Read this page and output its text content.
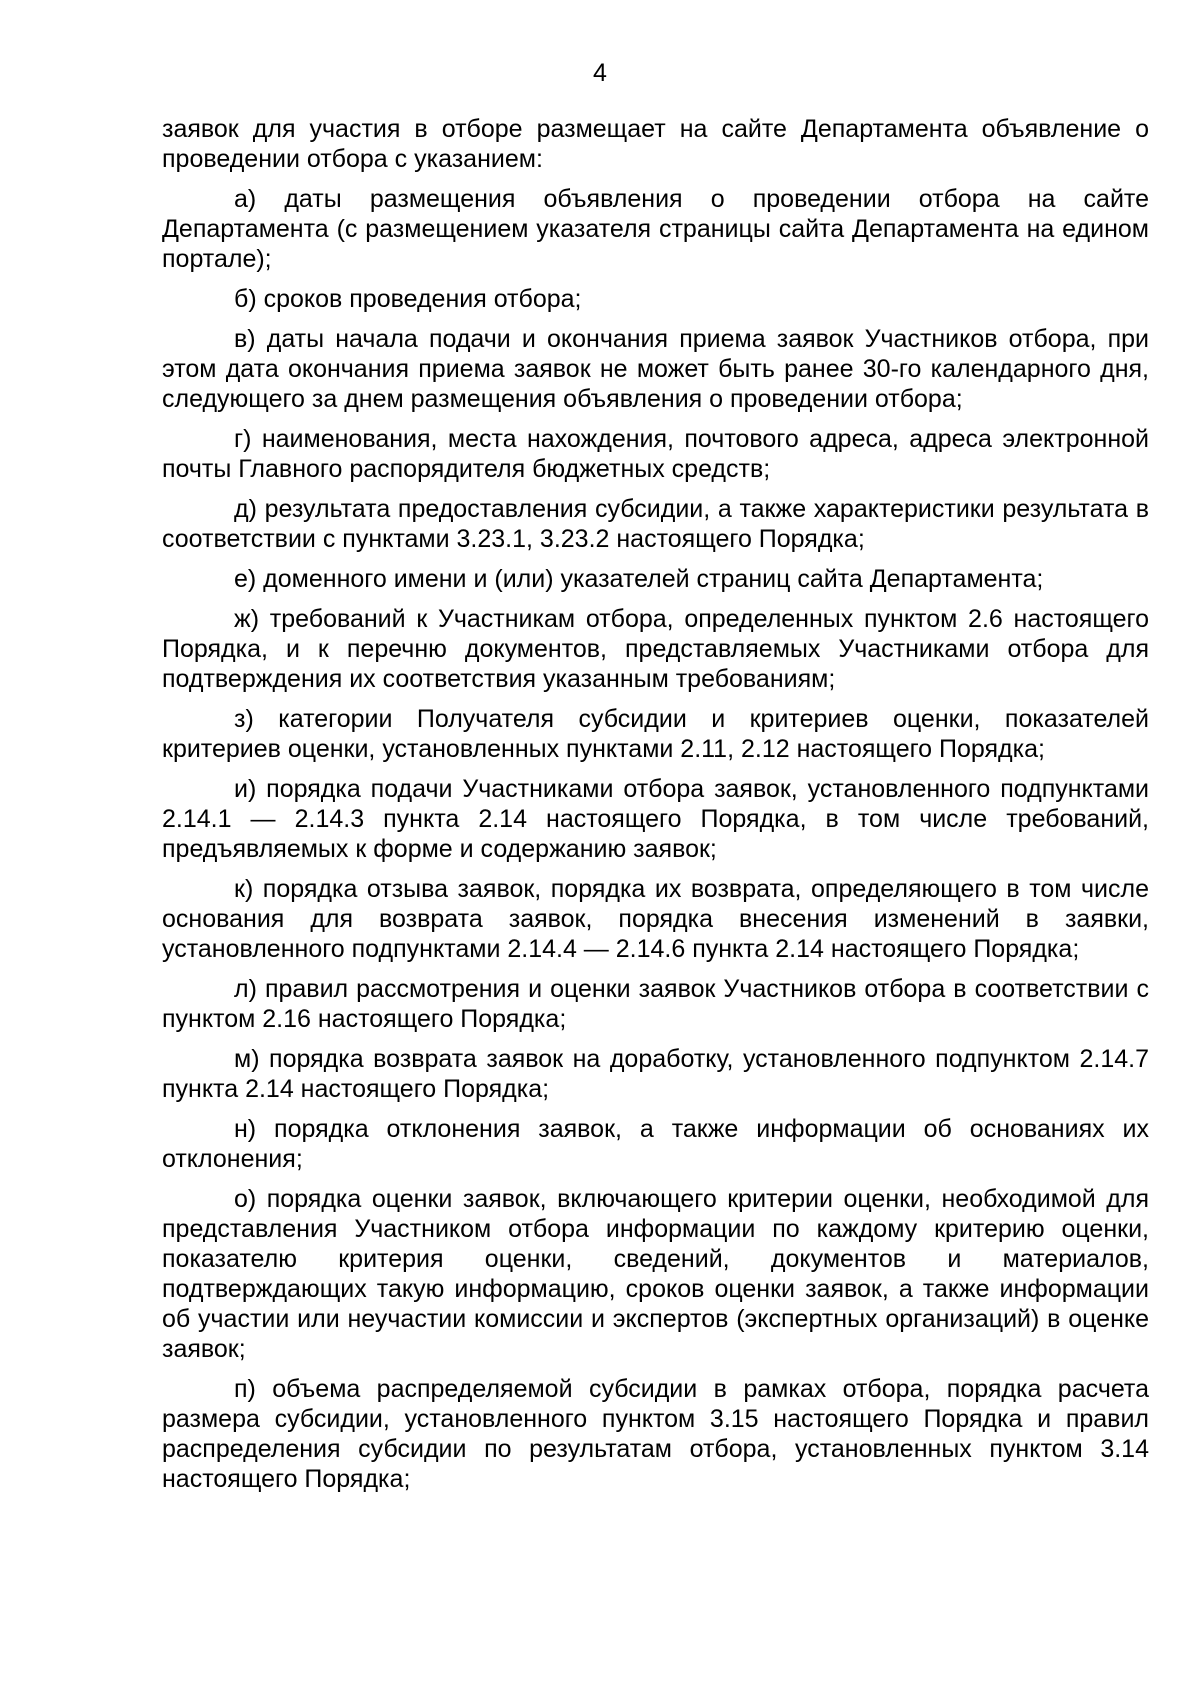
4

заявок для участия в отборе размещает на сайте Департамента объявление о проведении отбора с указанием:

а) даты размещения объявления о проведении отбора на сайте Департамента (с размещением указателя страницы сайта Департамента на едином портале);

б) сроков проведения отбора;

в) даты начала подачи и окончания приема заявок Участников отбора, при этом дата окончания приема заявок не может быть ранее 30-го календарного дня, следующего за днем размещения объявления о проведении отбора;

г) наименования, места нахождения, почтового адреса, адреса электронной почты Главного распорядителя бюджетных средств;

д) результата предоставления субсидии, а также характеристики результата в соответствии с пунктами 3.23.1, 3.23.2 настоящего Порядка;

е) доменного имени и (или) указателей страниц сайта Департамента;

ж) требований к Участникам отбора, определенных пунктом 2.6 настоящего Порядка, и к перечню документов, представляемых Участниками отбора для подтверждения их соответствия указанным требованиям;

з) категории Получателя субсидии и критериев оценки, показателей критериев оценки, установленных пунктами 2.11, 2.12 настоящего Порядка;

и) порядка подачи Участниками отбора заявок, установленного подпунктами 2.14.1 — 2.14.3 пункта 2.14 настоящего Порядка, в том числе требований, предъявляемых к форме и содержанию заявок;

к) порядка отзыва заявок, порядка их возврата, определяющего в том числе основания для возврата заявок, порядка внесения изменений в заявки, установленного подпунктами 2.14.4 — 2.14.6 пункта 2.14 настоящего Порядка;

л) правил рассмотрения и оценки заявок Участников отбора в соответствии с пунктом 2.16 настоящего Порядка;

м) порядка возврата заявок на доработку, установленного подпунктом 2.14.7 пункта 2.14 настоящего Порядка;

н) порядка отклонения заявок, а также информации об основаниях их отклонения;

о) порядка оценки заявок, включающего критерии оценки, необходимой для представления Участником отбора информации по каждому критерию оценки, показателю критерия оценки, сведений, документов и материалов, подтверждающих такую информацию, сроков оценки заявок, а также информации об участии или неучастии комиссии и экспертов (экспертных организаций) в оценке заявок;

п) объема распределяемой субсидии в рамках отбора, порядка расчета размера субсидии, установленного пунктом 3.15 настоящего Порядка и правил распределения субсидии по результатам отбора, установленных пунктом 3.14 настоящего Порядка;
